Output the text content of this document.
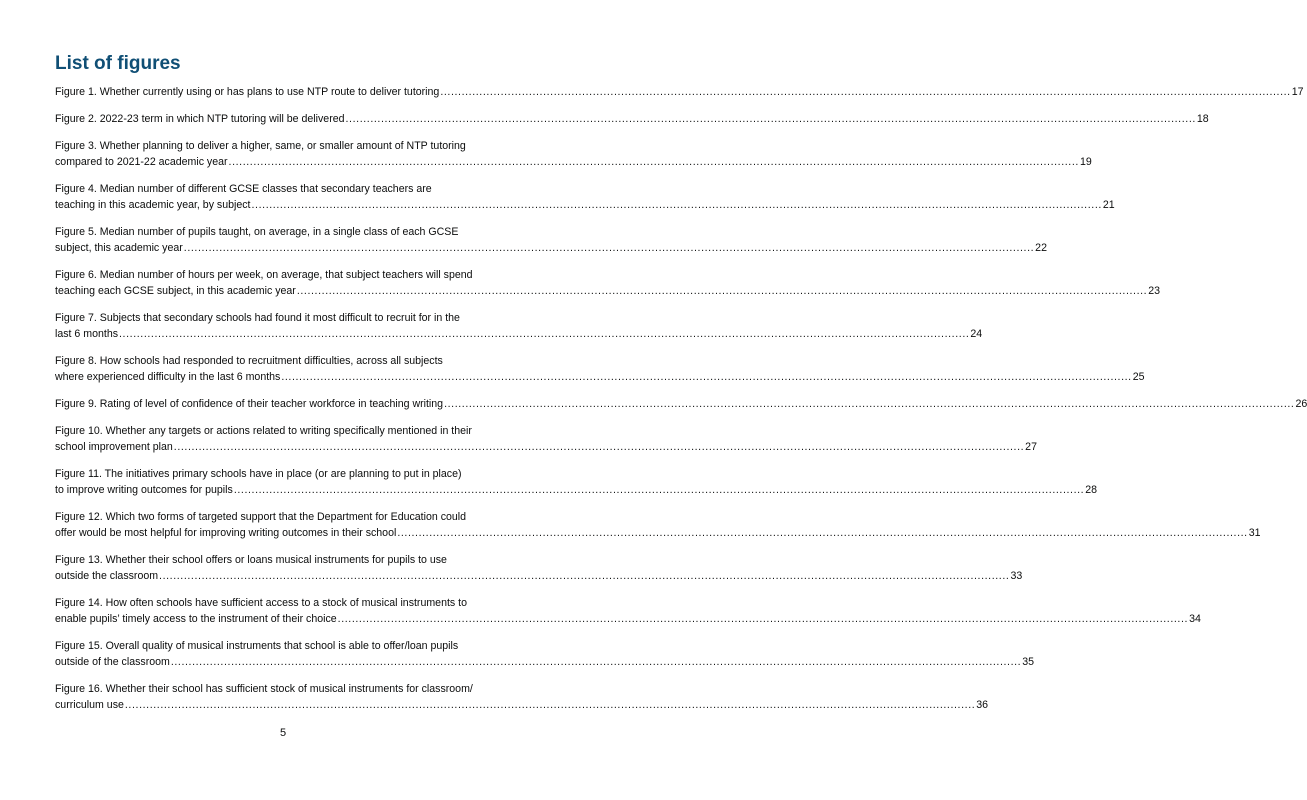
List of figures
Figure 1. Whether currently using or has plans to use NTP route to deliver tutoring .....	17
Figure 2. 2022-23 term in which NTP tutoring will be delivered .....	18
Figure 3. Whether planning to deliver a higher, same, or smaller amount of NTP tutoring
compared to 2021-22 academic year .....	19
Figure 4. Median number of different GCSE classes that secondary teachers are
teaching in this academic year, by subject .....	21
Figure 5. Median number of pupils taught, on average, in a single class of each GCSE
subject, this academic year .....	22
Figure 6. Median number of hours per week, on average, that subject teachers will spend
teaching each GCSE subject, in this academic year .....	23
Figure 7. Subjects that secondary schools had found it most difficult to recruit for in the
last 6 months .....	24
Figure 8. How schools had responded to recruitment difficulties, across all subjects
where experienced difficulty in the last 6 months .....	25
Figure 9. Rating of level of confidence of their teacher workforce in teaching writing .....	26
Figure 10. Whether any targets or actions related to writing specifically mentioned in their
school improvement plan .....	27
Figure 11. The initiatives primary schools have in place (or are planning to put in place)
to improve writing outcomes for pupils .....	28
Figure 12. Which two forms of targeted support that the Department for Education could
offer would be most helpful for improving writing outcomes in their school .....	31
Figure 13. Whether their school offers or loans musical instruments for pupils to use
outside the classroom .....	33
Figure 14. How often schools have sufficient access to a stock of musical instruments to
enable pupils’ timely access to the instrument of their choice .....	34
Figure 15. Overall quality of musical instruments that school is able to offer/loan pupils
outside of the classroom .....	35
Figure 16. Whether their school has sufficient stock of musical instruments for classroom/
curriculum use .....	36
5
